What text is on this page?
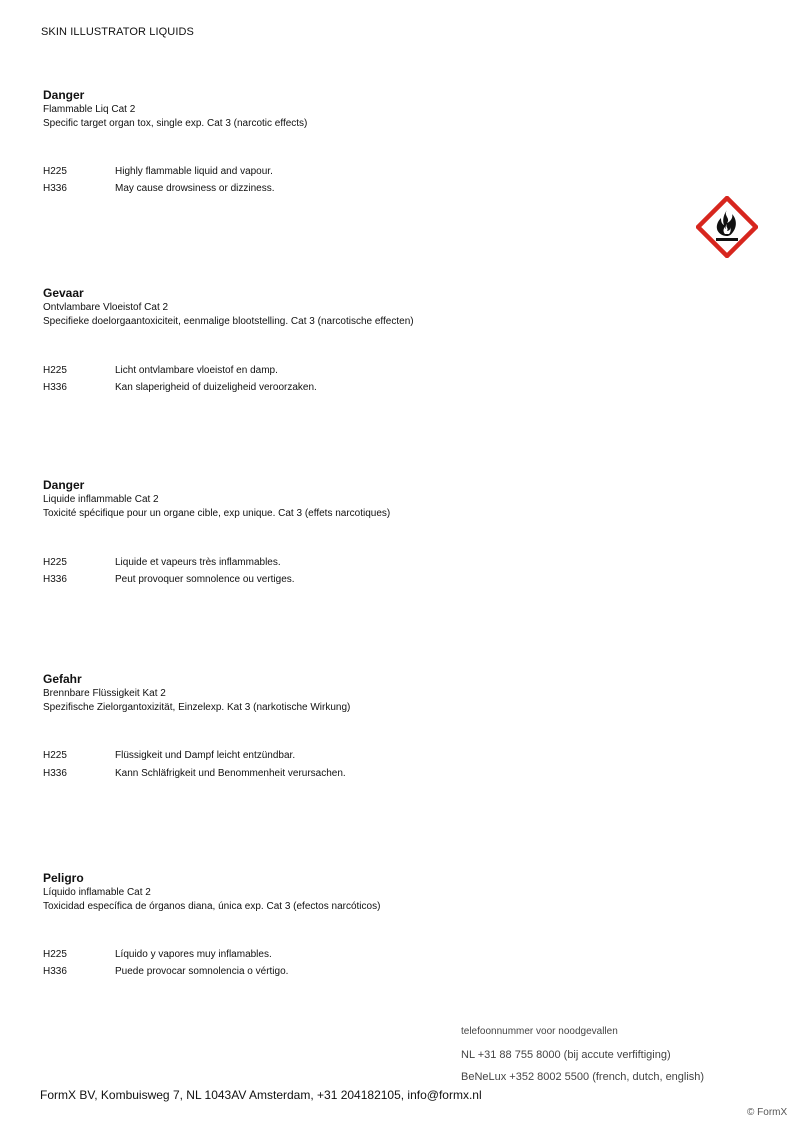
SKIN ILLUSTRATOR LIQUIDS
Danger
Flammable Liq Cat 2
Specific target organ tox, single exp. Cat 3 (narcotic effects)
H225	Highly flammable liquid and vapour.
H336	May cause drowsiness or dizziness.
Gevaar
Ontvlambare Vloeistof Cat 2
Specifieke doelorgaantoxiciteit, eenmalige blootstelling. Cat 3 (narcotische effecten)
H225	Licht ontvlambare vloeistof en damp.
H336	Kan slaperigheid of duizeligheid veroorzaken.
Danger
Liquide inflammable Cat 2
Toxicité spécifique pour un organe cible, exp unique. Cat 3 (effets narcotiques)
H225	Liquide et vapeurs très inflammables.
H336	Peut provoquer somnolence ou vertiges.
Gefahr
Brennbare Flüssigkeit Kat 2
Spezifische Zielorgantoxizität, Einzelexp. Kat 3 (narkotische Wirkung)
H225	Flüssigkeit und Dampf leicht entzündbar.
H336	Kann Schläfrigkeit und Benommenheit verursachen.
Peligro
Líquido inflamable Cat 2
Toxicidad específica de órganos diana, única exp. Cat 3 (efectos narcóticos)
H225	Líquido y vapores muy inflamables.
H336	Puede provocar somnolencia o vértigo.
telefoonnummer voor noodgevallen
NL +31 88 755 8000 (bij accute verfiftiging)
BeNeLux +352 8002 5500 (french, dutch, english)
FormX BV, Kombuisweg 7, NL 1043AV Amsterdam, +31 204182105, info@formx.nl
© FormX
